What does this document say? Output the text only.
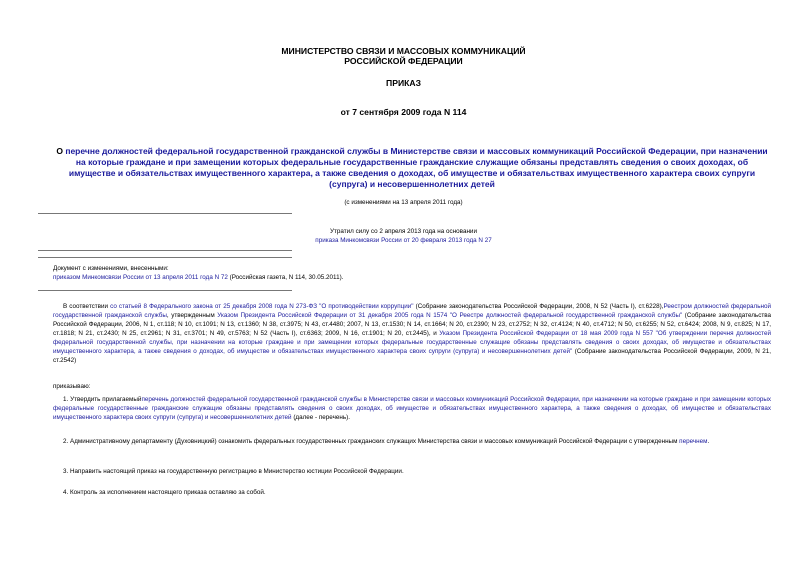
МИНИСТЕРСТВО СВЯЗИ И МАССОВЫХ КОММУНИКАЦИЙ
РОССИЙСКОЙ ФЕДЕРАЦИИ
ПРИКАЗ
от 7 сентября 2009 года N 114
О перечне должностей федеральной государственной гражданской службы в Министерстве связи и массовых коммуникаций Российской Федерации, при назначении на которые граждане и при замещении которых федеральные государственные гражданские служащие обязаны представлять сведения о своих доходах, об имуществе и обязательствах имущественного характера, а также сведения о доходах, об имуществе и обязательствах имущественного характера своих супруги (супруга) и несовершеннолетних детей
(с изменениями на 13 апреля 2011 года)
Утратил силу со 2 апреля 2013 года на основании
приказа Минкомсвязи России от 20 февраля 2013 года N 27
Документ с изменениями, внесенными:
приказом Минкомсвязи России от 13 апреля 2011 года N 72 (Российская газета, N 114, 30.05.2011).
В соответствии со статьей 8 Федерального закона от 25 декабря 2008 года N 273-ФЗ "О противодействии коррупции" (Собрание законодательства Российской Федерации, 2008, N 52 (Часть I), ст.6228),Реестром должностей федеральной государственной гражданской службы, утвержденным Указом Президента Российской Федерации от 31 декабря 2005 года N 1574 "О Реестре должностей федеральной государственной гражданской службы" (Собрание законодательства Российской Федерации, 2006, N 1, ст.118; N 10, ст.1091; N 13, ст.1360; N 38, ст.3975; N 43, ст.4480; 2007, N 13, ст.1530; N 14, ст.1664; N 20, ст.2390; N 23, ст.2752; N 32, ст.4124; N 40, ст.4712; N 50, ст.6255; N 52, ст.6424; 2008, N 9, ст.825; N 17, ст.1818; N 21, ст.2430; N 25, ст.2961; N 31, ст.3701; N 49, ст.5763; N 52 (Часть I), ст.6363; 2009, N 16, ст.1901; N 20, ст.2445), и Указом Президента Российской Федерации от 18 мая 2009 года N 557 "Об утверждении перечня должностей федеральной государственной службы, при назначении на которые граждане и при замещении которых федеральные государственные служащие обязаны представлять сведения о своих доходах, об имуществе и обязательствах имущественного характера, а также сведения о доходах, об имуществе и обязательствах имущественного характера своих супруги (супруга) и несовершеннолетних детей" (Собрание законодательства Российской Федерации, 2009, N 21, ст.2542)
приказываю:
1. Утвердить прилагаемыйперечень должностей федеральной государственной гражданской службы в Министерстве связи и массовых коммуникаций Российской Федерации, при назначении на которые граждане и при замещении которых федеральные государственные гражданские служащие обязаны представлять сведения о своих доходах, об имуществе и обязательствах имущественного характера, а также сведения о доходах, об имуществе и обязательствах имущественного характера своих супруги (супруга) и несовершеннолетних детей (далее - перечень).
2. Административному департаменту (Духовницкий) ознакомить федеральных государственных гражданских служащих Министерства связи и массовых коммуникаций Российской Федерации с утвержденным перечнем.
3. Направить настоящий приказ на государственную регистрацию в Министерство юстиции Российской Федерации.
4. Контроль за исполнением настоящего приказа оставляю за собой.
